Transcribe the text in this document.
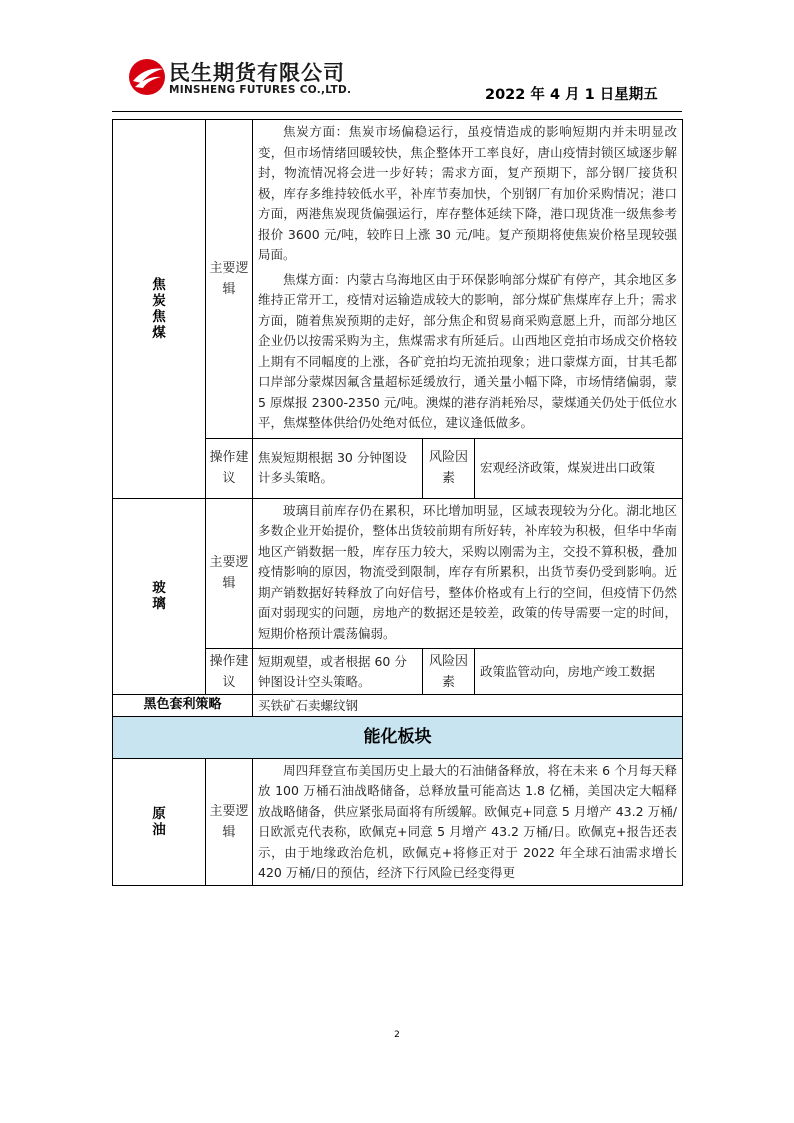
民生期货有限公司
MINSHENG FUTURES CO.,LTD.	2022 年 4 月 1 日星期五
焦炭 焦煤	主要逻辑	焦炭方面：焦炭市场偏稳运行，虽疫情造成的影响短期内并未明显改变，但市场情绪回暖较快，焦企整体开工率良好，唐山疫情封锁区域逐步解封，物流情况将会进一步好转；需求方面，复产预期下，部分钢厂接货积极，库存多维持较低水平，补库节奏加快，个别钢厂有加价采购情况；港口方面，两港焦炭现货偏强运行，库存整体延续下降，港口现货准一级焦参考报价 3600 元/吨，较昨日上涨 30 元/吨。复产预期将使焦炭价格呈现较强局面。

焦煤方面：内蒙古乌海地区由于环保影响部分煤矿有停产，其余地区多维持正常开工，疫情对运输造成较大的影响，部分煤矿焦煤库存上升；需求方面，随着焦炭预期的走好，部分焦企和贸易商采购意愿上升，而部分地区企业仍以按需采购为主，焦煤需求有所延后。山西地区竞拍市场成交价格较上期有不同幅度的上涨，各矿竞拍均无流拍现象；进口蒙煤方面，甘其毛都口岸部分蒙煤因氟含量超标延缓放行，通关量小幅下降，市场情绪偏弱，蒙 5 原煤报 2300-2350 元/吨。澳煤的港存消耗殆尽，蒙煤通关仍处于低位水平，焦煤整体供给仍处绝对低位，建议逢低做多。		

	操作建议	焦炭短期根据 30 分钟图设计多头策略。	风险因素	宏观经济政策，煤炭进出口政策
玻璃	主要逻辑	玻璃目前库存仍在累积，环比增加明显，区域表现较为分化。湖北地区多数企业开始提价，整体出货较前期有所好转，补库较为积极，但华中华南地区产销数据一般，库存压力较大，采购以刚需为主，交投不算积极，叠加疫情影响的原因，物流受到限制，库存有所累积，出货节奏仍受到影响。近期产销数据好转释放了向好信号，整体价格或有上行的空间，但疫情下仍然面对弱现实的问题，房地产的数据还是较差，政策的传导需要一定的时间，短期价格预计震荡偏弱。		

	操作建议	短期观望，或者根据 60 分钟图设计空头策略。	风险因素	政策监管动向，房地产竣工数据
黑色套利策略		买铁矿石卖螺纹钢		
能化板块				
原油	主要逻辑	周四拜登宣布美国历史上最大的石油储备释放，将在未来 6 个月每天释放 100 万桶石油战略储备，总释放量可能高达 1.8 亿桶，美国决定大幅释放战略储备，供应紧张局面将有所缓解。欧佩克+同意 5 月增产 43.2 万桶/日欧派克代表称，欧佩克+同意 5 月增产 43.2 万桶/日。欧佩克+报告还表示，由于地缘政治危机，欧佩克+将修正对于 2022 年全球石油需求增长 420 万桶/日的预估，经济下行风险已经变得更		

2
